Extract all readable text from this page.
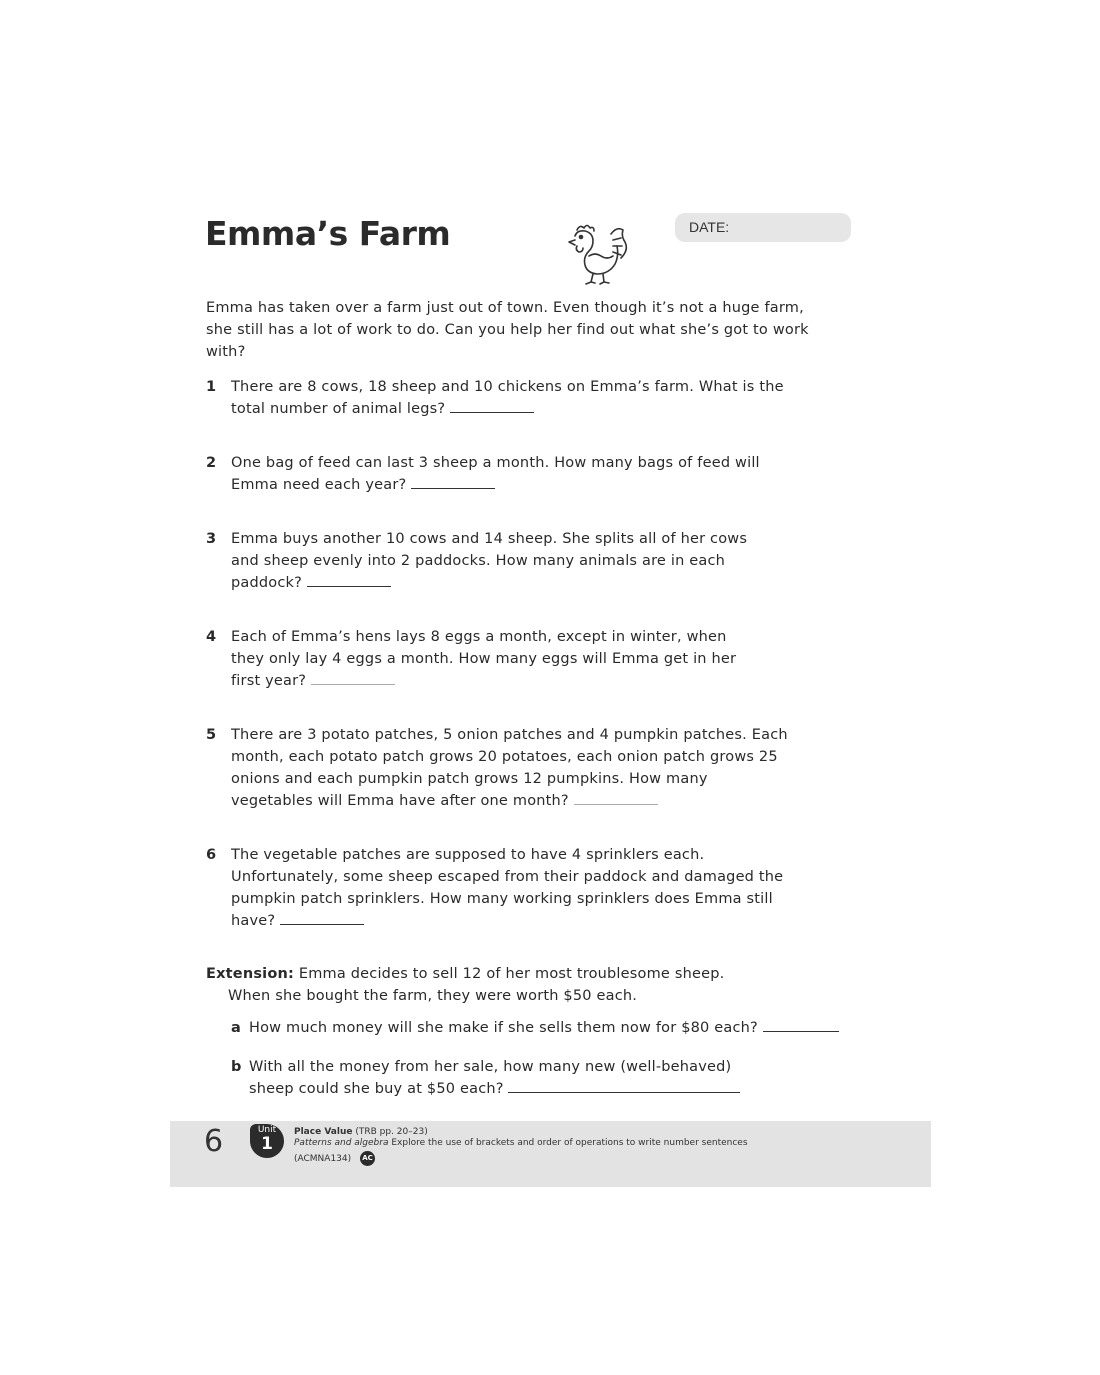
Emma’s Farm	DATE:
Emma has taken over a farm just out of town. Even though it’s not a huge farm, she still has a lot of work to do. Can you help her find out what she’s got to work with?
1 There are 8 cows, 18 sheep and 10 chickens on Emma’s farm. What is the total number of animal legs?
2 One bag of feed can last 3 sheep a month. How many bags of feed will Emma need each year?
3 Emma buys another 10 cows and 14 sheep. She splits all of her cows and sheep evenly into 2 paddocks. How many animals are in each paddock?
4 Each of Emma’s hens lays 8 eggs a month, except in winter, when they only lay 4 eggs a month. How many eggs will Emma get in her first year?
5 There are 3 potato patches, 5 onion patches and 4 pumpkin patches. Each month, each potato patch grows 20 potatoes, each onion patch grows 25 onions and each pumpkin patch grows 12 pumpkins. How many vegetables will Emma have after one month?
6 The vegetable patches are supposed to have 4 sprinklers each. Unfortunately, some sheep escaped from their paddock and damaged the pumpkin patch sprinklers. How many working sprinklers does Emma still have?
Extension: Emma decides to sell 12 of her most troublesome sheep.
When she bought the farm, they were worth $50 each.
a How much money will she make if she sells them now for $80 each?
b With all the money from her sale, how many new (well-behaved) sheep could she buy at $50 each?
6	Unit
1
Place Value (TRB pp. 20–23)
Patterns and algebra Explore the use of brackets and order of operations to write number sentences
(ACMNA134) AC
